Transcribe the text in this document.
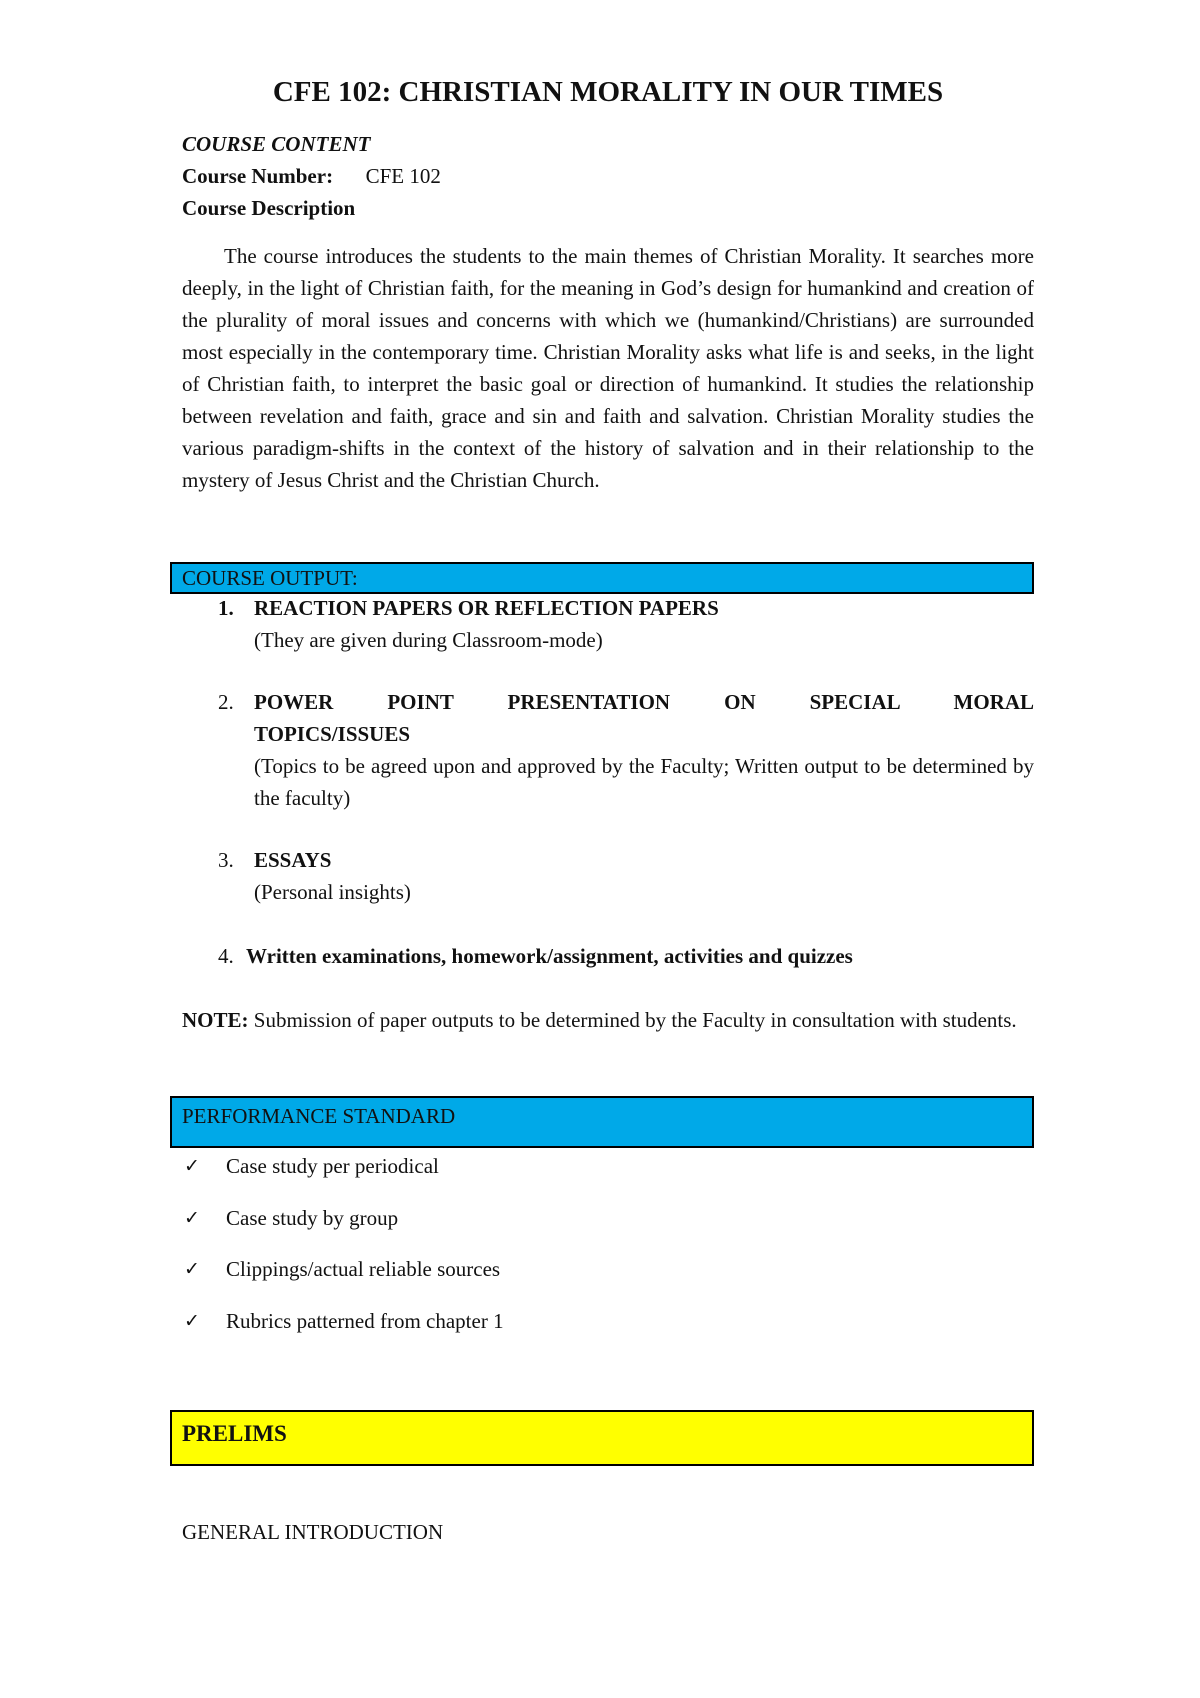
CFE 102: CHRISTIAN MORALITY IN OUR TIMES
COURSE CONTENT
Course Number: CFE 102
Course Description

The course introduces the students to the main themes of Christian Morality. It searches more deeply, in the light of Christian faith, for the meaning in God’s design for humankind and creation of the plurality of moral issues and concerns with which we (humankind/Christians) are surrounded most especially in the contemporary time. Christian Morality asks what life is and seeks, in the light of Christian faith, to interpret the basic goal or direction of humankind. It studies the relationship between revelation and faith, grace and sin and faith and salvation. Christian Morality studies the various paradigm-shifts in the context of the history of salvation and in their relationship to the mystery of Jesus Christ and the Christian Church.

COURSE OUTPUT:
1. REACTION PAPERS OR REFLECTION PAPERS
(They are given during Classroom-mode)
2. POWER POINT PRESENTATION ON SPECIAL MORAL
TOPICS/ISSUES
(Topics to be agreed upon and approved by the Faculty; Written output to be determined by the faculty)
3. ESSAYS
(Personal insights)
4. Written examinations, homework/assignment, activities and quizzes
NOTE: Submission of paper outputs to be determined by the Faculty in consultation with students.
PERFORMANCE STANDARD
✓ Case study per periodical
✓ Case study by group
✓ Clippings/actual reliable sources
✓ Rubrics patterned from chapter 1
PRELIMS
GENERAL INTRODUCTION
